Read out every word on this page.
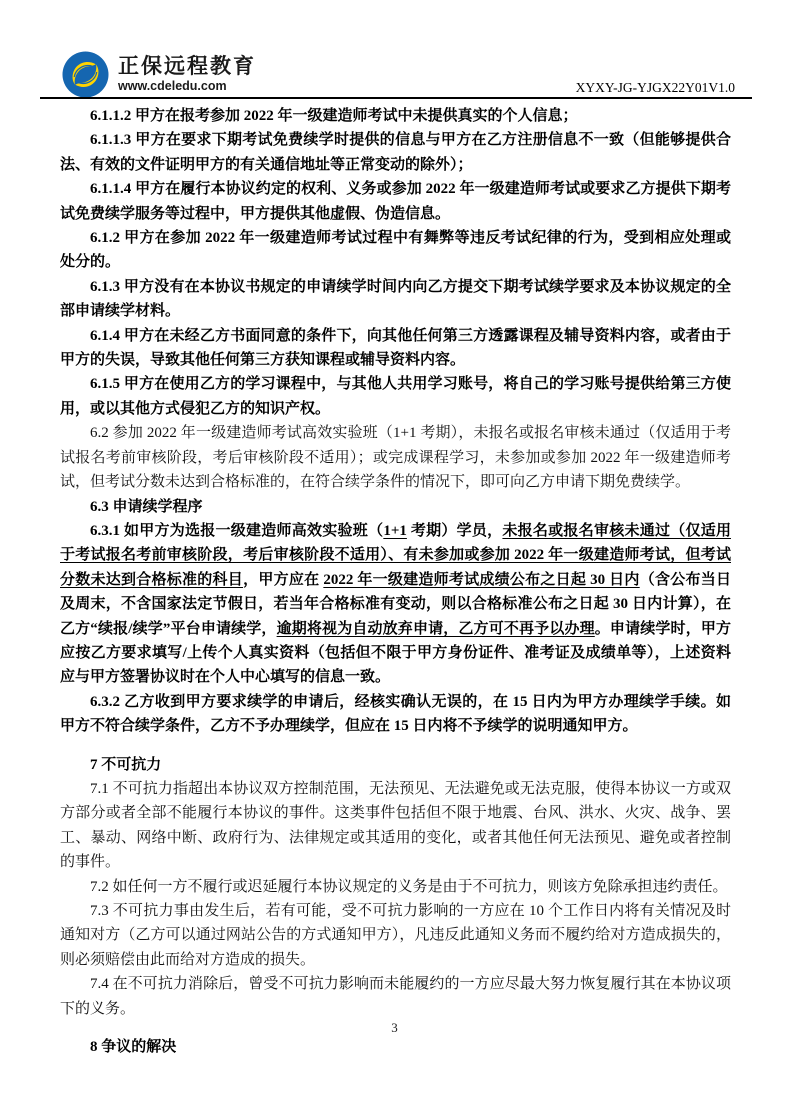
正保远程教育
www.cdeledu.com	XYXY-JG-YJGX22Y01V1.0

6.1.1.2 甲方在报考参加 2022 年一级建造师考试中未提供真实的个人信息；

6.1.1.3 甲方在要求下期考试免费续学时提供的信息与甲方在乙方注册信息不一致（但能够提供合法、有效的文件证明甲方的有关通信地址等正常变动的除外）；

6.1.1.4 甲方在履行本协议约定的权利、义务或参加 2022 年一级建造师考试或要求乙方提供下期考试免费续学服务等过程中，甲方提供其他虚假、伪造信息。

6.1.2 甲方在参加 2022 年一级建造师考试过程中有舞弊等违反考试纪律的行为，受到相应处理或处分的。

6.1.3 甲方没有在本协议书规定的申请续学时间内向乙方提交下期考试续学要求及本协议规定的全部申请续学材料。

6.1.4 甲方在未经乙方书面同意的条件下，向其他任何第三方透露课程及辅导资料内容，或者由于甲方的失误，导致其他任何第三方获知课程或辅导资料内容。

6.1.5 甲方在使用乙方的学习课程中，与其他人共用学习账号，将自己的学习账号提供给第三方使用，或以其他方式侵犯乙方的知识产权。

6.2 参加 2022 年一级建造师考试高效实验班（1+1 考期），未报名或报名审核未通过（仅适用于考试报名考前审核阶段，考后审核阶段不适用）；或完成课程学习，未参加或参加 2022 年一级建造师考试，但考试分数未达到合格标准的，在符合续学条件的情况下，即可向乙方申请下期免费续学。

6.3 申请续学程序

6.3.1 如甲方为选报一级建造师高效实验班（1+1 考期）学员，未报名或报名审核未通过（仅适用于考试报名考前审核阶段，考后审核阶段不适用）、有未参加或参加 2022 年一级建造师考试，但考试分数未达到合格标准的科目，甲方应在 2022 年一级建造师考试成绩公布之日起 30 日内（含公布当日及周末，不含国家法定节假日，若当年合格标准有变动，则以合格标准公布之日起 30 日内计算），在乙方“续报/续学”平台申请续学，逾期将视为自动放弃申请，乙方可不再予以办理。申请续学时，甲方应按乙方要求填写/上传个人真实资料（包括但不限于甲方身份证件、准考证及成绩单等），上述资料应与甲方签署协议时在个人中心填写的信息一致。

6.3.2 乙方收到甲方要求续学的申请后，经核实确认无误的，在 15 日内为甲方办理续学手续。如甲方不符合续学条件，乙方不予办理续学，但应在 15 日内将不予续学的说明通知甲方。

7 不可抗力

7.1 不可抗力指超出本协议双方控制范围，无法预见、无法避免或无法克服，使得本协议一方或双方部分或者全部不能履行本协议的事件。这类事件包括但不限于地震、台风、洪水、火灾、战争、罢工、暴动、网络中断、政府行为、法律规定或其适用的变化，或者其他任何无法预见、避免或者控制的事件。

7.2 如任何一方不履行或迟延履行本协议规定的义务是由于不可抗力，则该方免除承担违约责任。

7.3 不可抗力事由发生后，若有可能，受不可抗力影响的一方应在 10 个工作日内将有关情况及时通知对方（乙方可以通过网站公告的方式通知甲方），凡违反此通知义务而不履约给对方造成损失的，则必须赔偿由此而给对方造成的损失。

7.4 在不可抗力消除后，曾受不可抗力影响而未能履约的一方应尽最大努力恢复履行其在本协议项下的义务。

8 争议的解决

3
